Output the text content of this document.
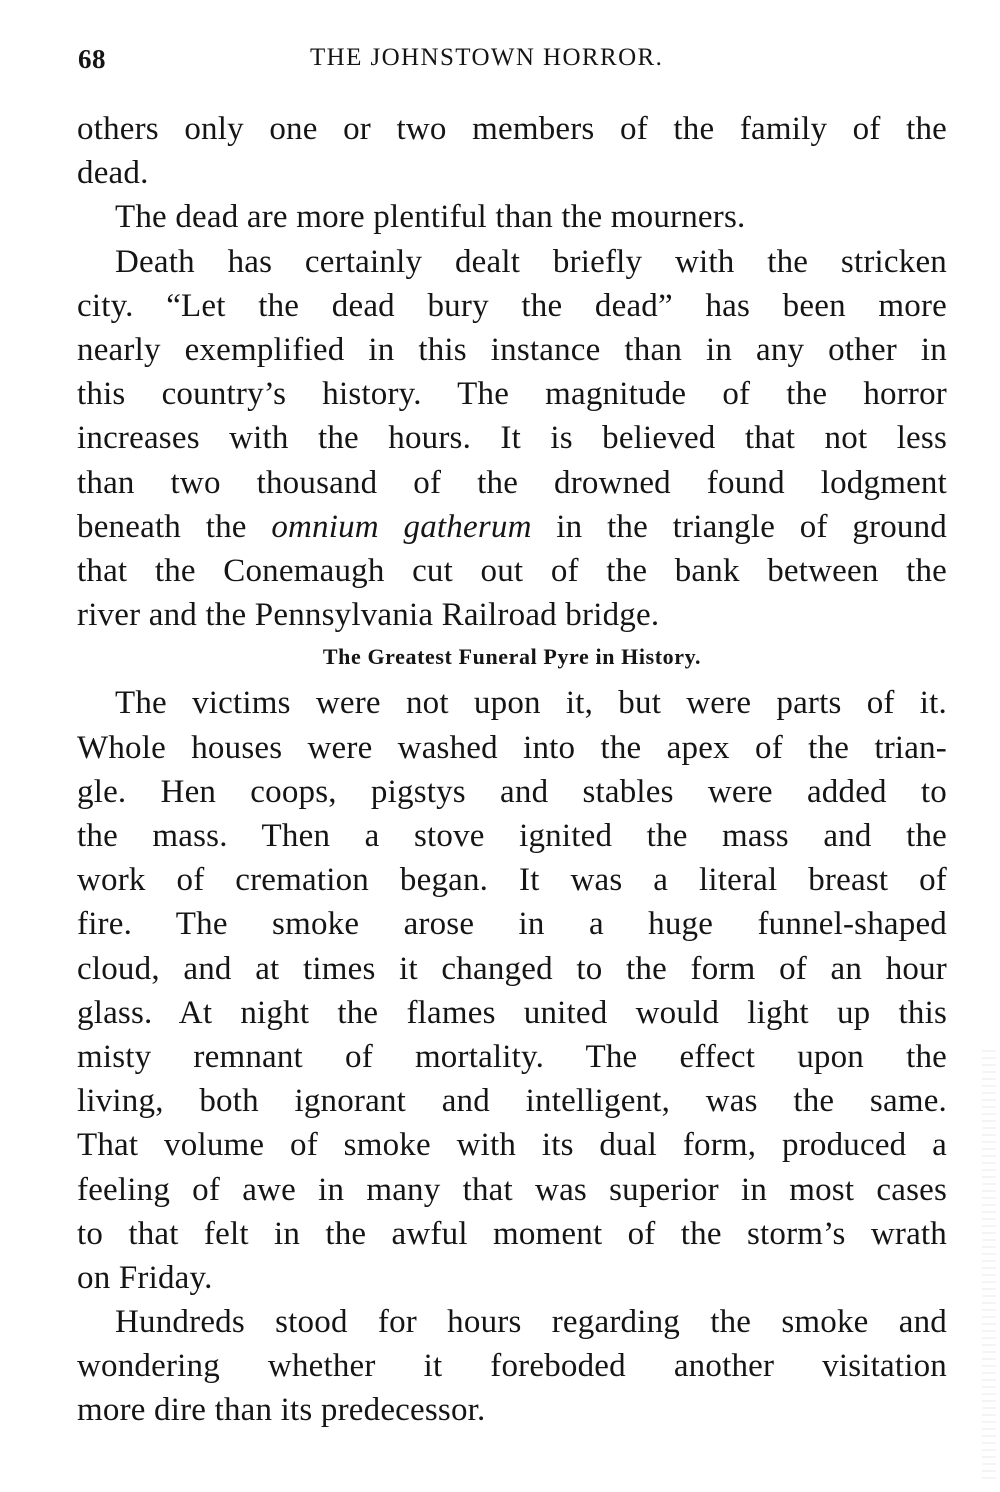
68	THE JOHNSTOWN HORROR.
others only one or two members of the family of the
dead.
The dead are more plentiful than the mourners.
Death has certainly dealt briefly with the stricken
city. “Let the dead bury the dead” has been more
nearly exemplified in this instance than in any other in
this country’s history. The magnitude of the horror
increases with the hours. It is believed that not less
than two thousand of the drowned found lodgment
beneath the omnium gatherum in the triangle of ground
that the Conemaugh cut out of the bank between the
river and the Pennsylvania Railroad bridge.
The Greatest Funeral Pyre in History.
The victims were not upon it, but were parts of it.
Whole houses were washed into the apex of the trian-
gle. Hen coops, pigstys and stables were added to
the mass. Then a stove ignited the mass and the
work of cremation began. It was a literal breast of
fire. The smoke arose in a huge funnel-shaped
cloud, and at times it changed to the form of an hour
glass. At night the flames united would light up this
misty remnant of mortality. The effect upon the
living, both ignorant and intelligent, was the same.
That volume of smoke with its dual form, produced a
feeling of awe in many that was superior in most cases
to that felt in the awful moment of the storm’s wrath
on Friday.
Hundreds stood for hours regarding the smoke and
wondering whether it foreboded another visitation
more dire than its predecessor.
